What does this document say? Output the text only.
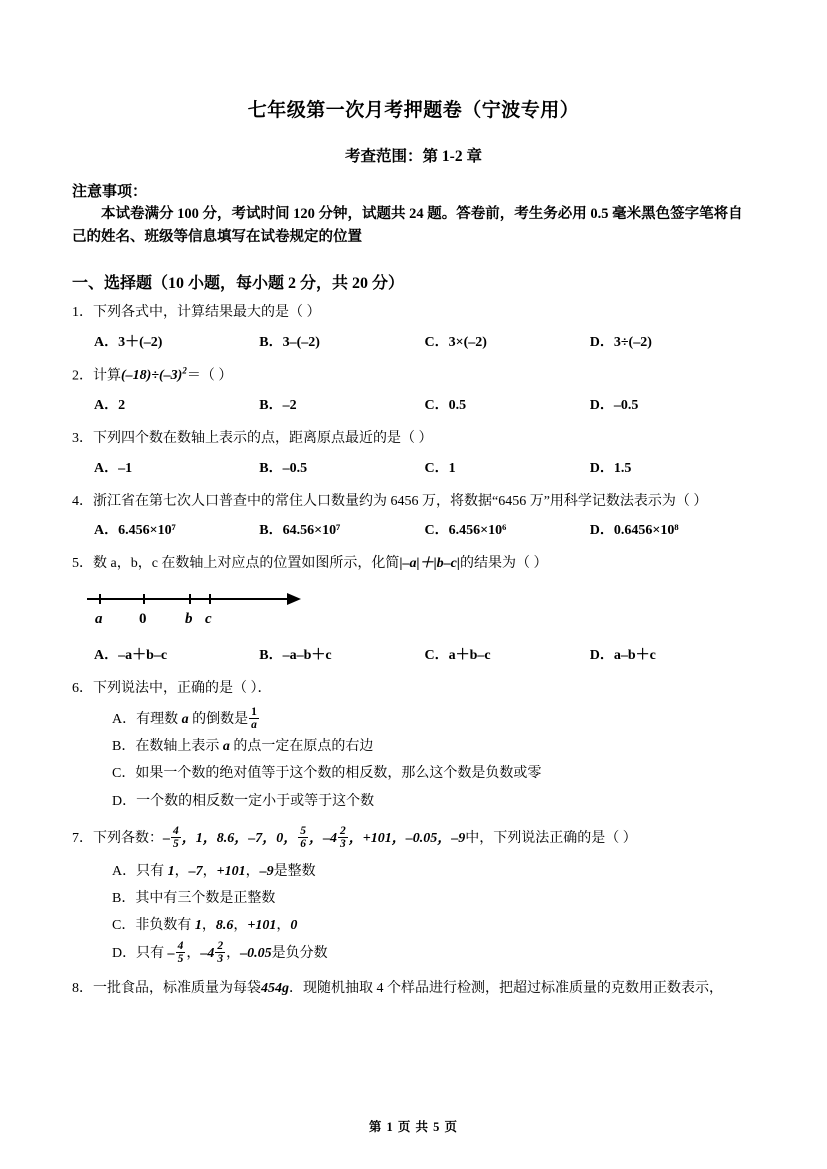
七年级第一次月考押题卷（宁波专用）
考查范围：第 1-2 章
注意事项：
本试卷满分 100 分，考试时间 120 分钟，试题共 24 题。答卷前，考生务必用 0.5 毫米黑色签字笔将自己的姓名、班级等信息填写在试卷规定的位置
一、选择题（10 小题，每小题 2 分，共 20 分）
1．下列各式中，计算结果最大的是（ ）
A．3＋(–2)	B．3–(–2)	C．3×(–2)	D．3÷(–2)
2．计算$(-18)\div(-3)^2=$（ ）
A．2	B．–2	C．0.5	D．–0.5
3．下列四个数在数轴上表示的点，距离原点最近的是（ ）
A．–1	B．–0.5	C．1	D．1.5
4．浙江省在第七次人口普查中的常住人口数量约为 6456 万，将数据“6456 万”用科学记数法表示为（ ）
A．6.456×10⁷	B．64.56×10⁷	C．6.456×10⁶	D．0.6456×10⁸
5．数 a，b，c 在数轴上对应点的位置如图所示，化简|–a|＋|b–c|的结果为（ ）
a 0	b c
A．–a＋b–c	B．–a–b＋c	C．a＋b–c	D．a–b＋c
6．下列说法中，正确的是（ ）．
A．有理数 a 的倒数是 $\frac{1}{a}$
B．在数轴上表示 a 的点一定在原点的右边
C．如果一个数的绝对值等于这个数的相反数，那么这个数是负数或零
D．一个数的相反数一定小于或等于这个数
7．下列各数：– $\frac{4}{5}$ ，1，8.6，–7，0， $\frac{5}{6}$ ，$-4 \frac{2}{3}$ ，+101，–0.05，–9中，下列说法正确的是（ ）
A．只有 1，–7，+101，–9是整数
B．其中有三个数是正整数
C．非负数有 1，8.6，+101，0
D．只有 – $\frac{4}{5}$ ，$-4 \frac{2}{3}$ ，–0.05是负分数
8．一批食品，标准质量为每袋454g．现随机抽取 4 个样品进行检测，把超过标准质量的克数用正数表示，
第 1 页 共 5 页
